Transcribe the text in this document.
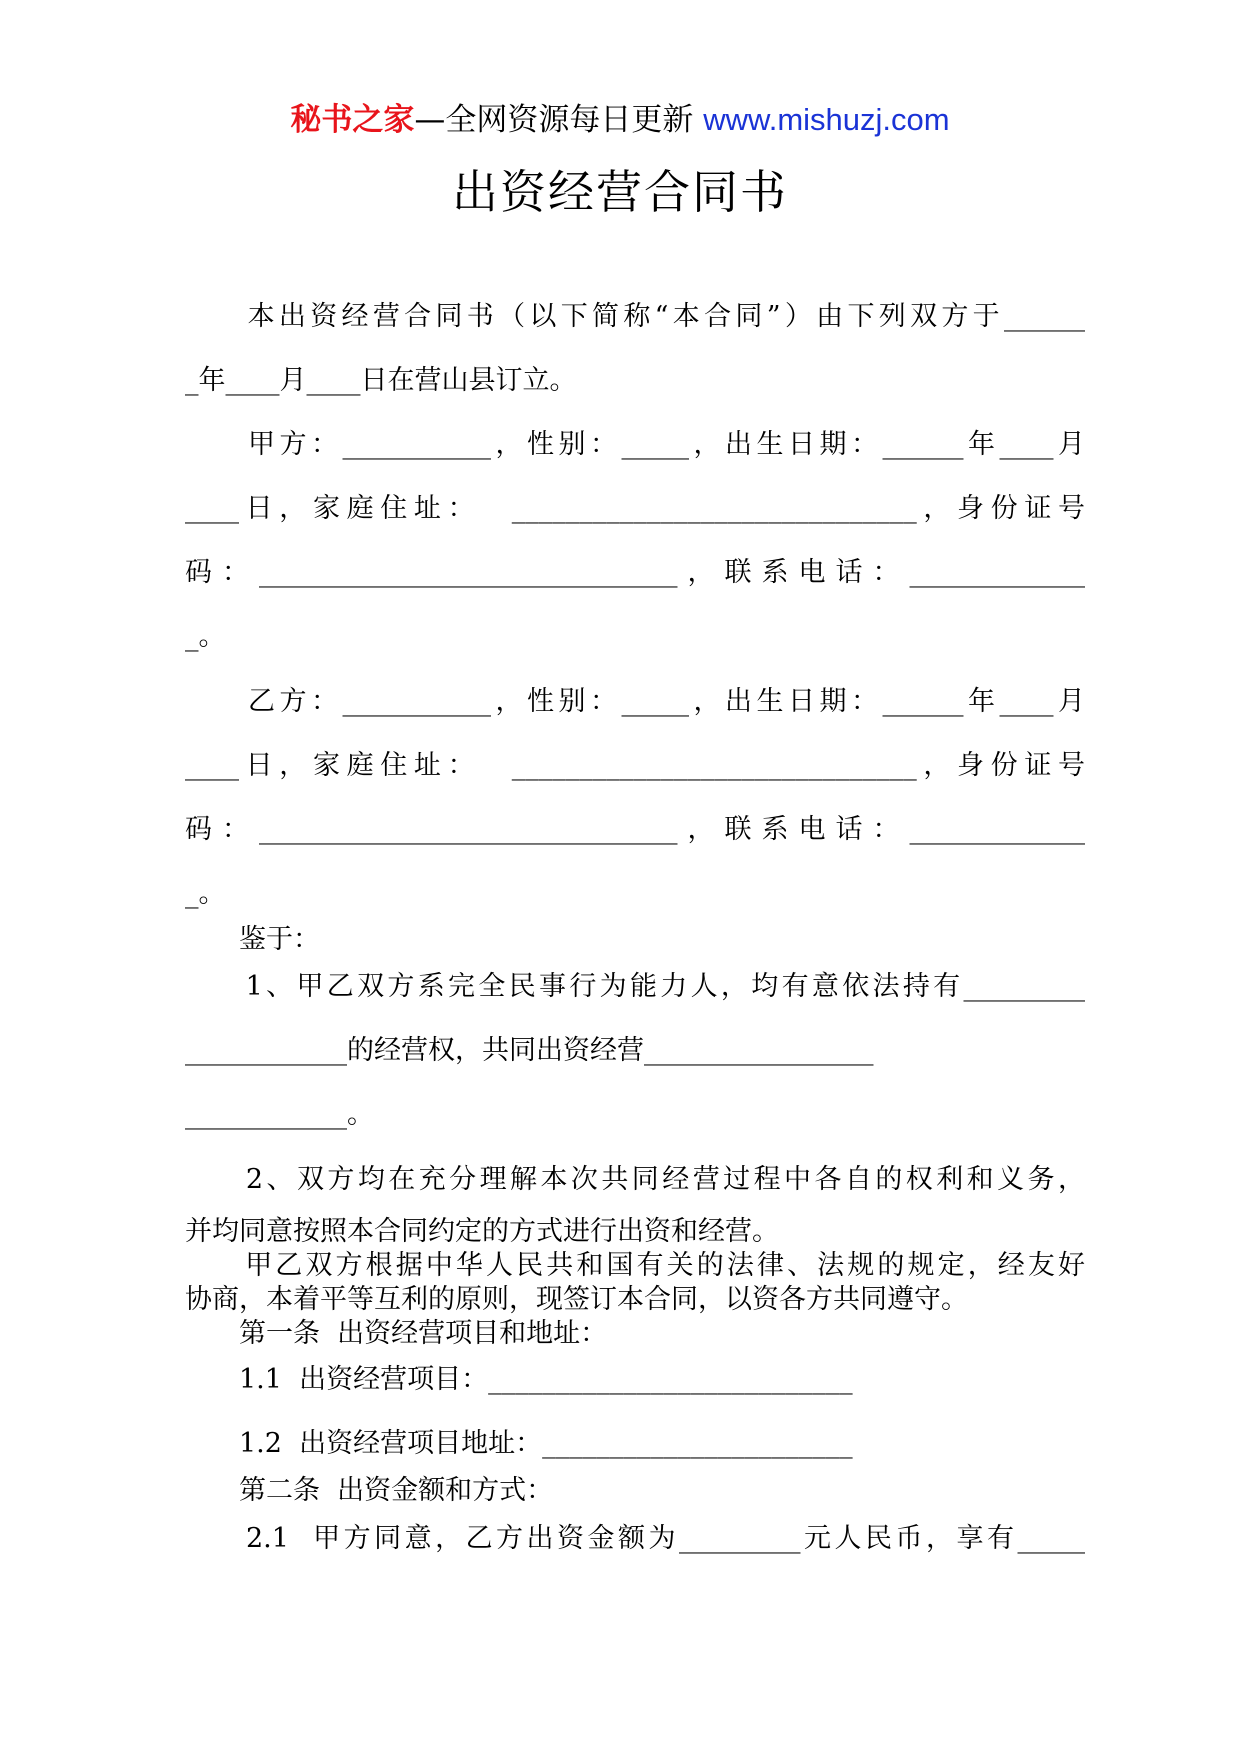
秘书之家—全网资源每日更新 www.mishuzj.com
出资经营合同书
　　本出资经营合同书（以下简称“本合同”）由下列双方于______
_年____月____日在营山县订立。
　　甲方：___________，性别：_____，出生日期：______年____月
____日，家庭住址：  ______________________________，身份证号
码：_______________________________，联系电话：_____________
_。
　　乙方：___________，性别：_____，出生日期：______年____月
____日，家庭住址：  ______________________________，身份证号
码：_______________________________，联系电话：_____________
_。
　　鉴于：
　　1、甲乙双方系完全民事行为能力人，均有意依法持有_________
____________的经营权，共同出资经营_________________
____________。
　　2、双方均在充分理解本次共同经营过程中各自的权利和义务，
并均同意按照本合同约定的方式进行出资和经营。
　　甲乙双方根据中华人民共和国有关的法律、法规的规定，经友好
协商，本着平等互利的原则，现签订本合同，以资各方共同遵守。
　　第一条  出资经营项目和地址：
　　1.1  出资经营项目：___________________________
　　1.2  出资经营项目地址：_______________________
　　第二条  出资金额和方式：
　　2.1  甲方同意，乙方出资金额为_________元人民币，享有_____
